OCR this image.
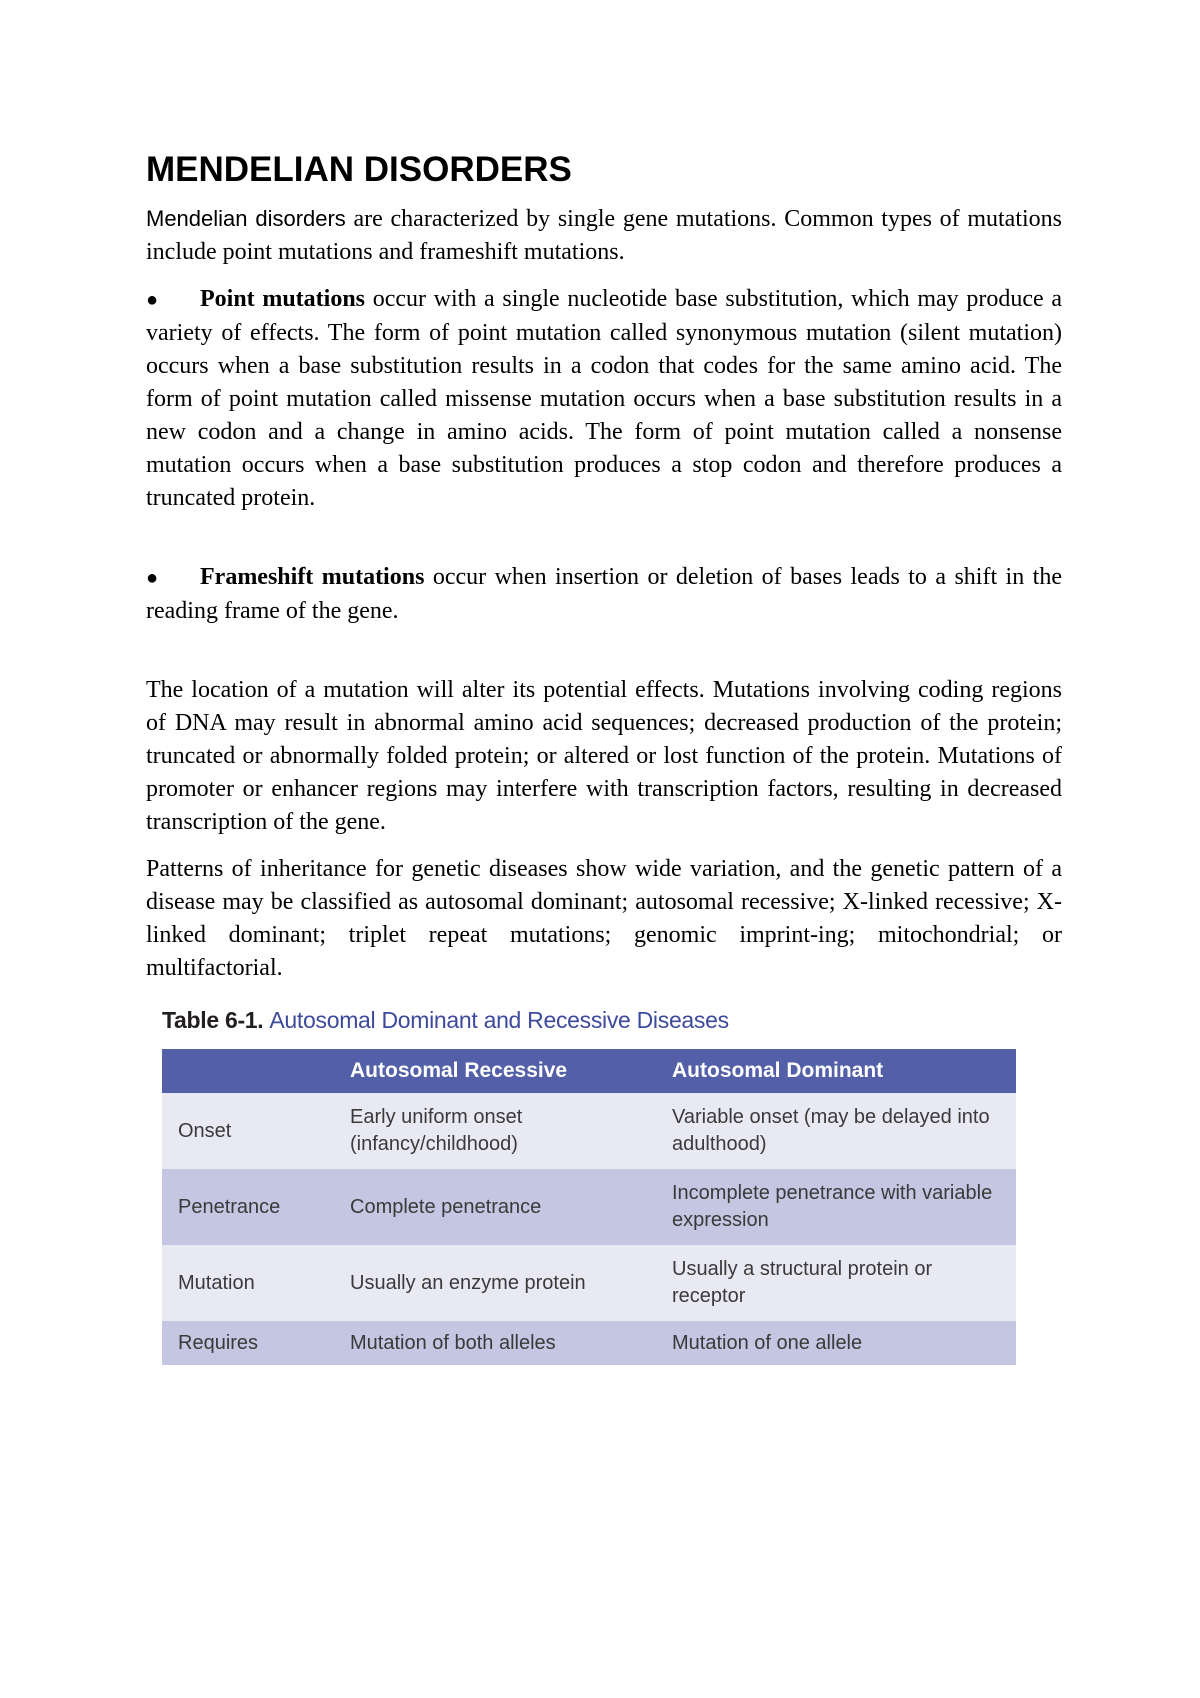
MENDELIAN DISORDERS

Mendelian disorders are characterized by single gene mutations. Common types of mutations include point mutations and frameshift mutations.

● Point mutations occur with a single nucleotide base substitution, which may produce a variety of effects. The form of point mutation called synonymous mutation (silent mutation) occurs when a base substitution results in a codon that codes for the same amino acid. The form of point mutation called missense mutation occurs when a base substitution results in a new codon and a change in amino acids. The form of point mutation called a nonsense mutation occurs when a base substitution produces a stop codon and therefore produces a truncated protein.
● Frameshift mutations occur when insertion or deletion of bases leads to a shift in the reading frame of the gene.

The location of a mutation will alter its potential effects. Mutations involving coding regions of DNA may result in abnormal amino acid sequences; decreased production of the protein; truncated or abnormally folded protein; or altered or lost function of the protein. Mutations of promoter or enhancer regions may interfere with transcription factors, resulting in decreased transcription of the gene.

Patterns of inheritance for genetic diseases show wide variation, and the genetic pattern of a disease may be classified as autosomal dominant; autosomal recessive; X-linked recessive; X-linked dominant; triplet repeat mutations; genomic imprint-ing; mitochondrial; or multifactorial.

Table 6-1. Autosomal Dominant and Recessive Diseases
	Autosomal Recessive	Autosomal Dominant
Onset	Early uniform onset (infancy/childhood)	Variable onset (may be delayed into adulthood)
Penetrance	Complete penetrance	Incomplete penetrance with variable expression
Mutation	Usually an enzyme protein	Usually a structural protein or receptor
Requires	Mutation of both alleles	Mutation of one allele
